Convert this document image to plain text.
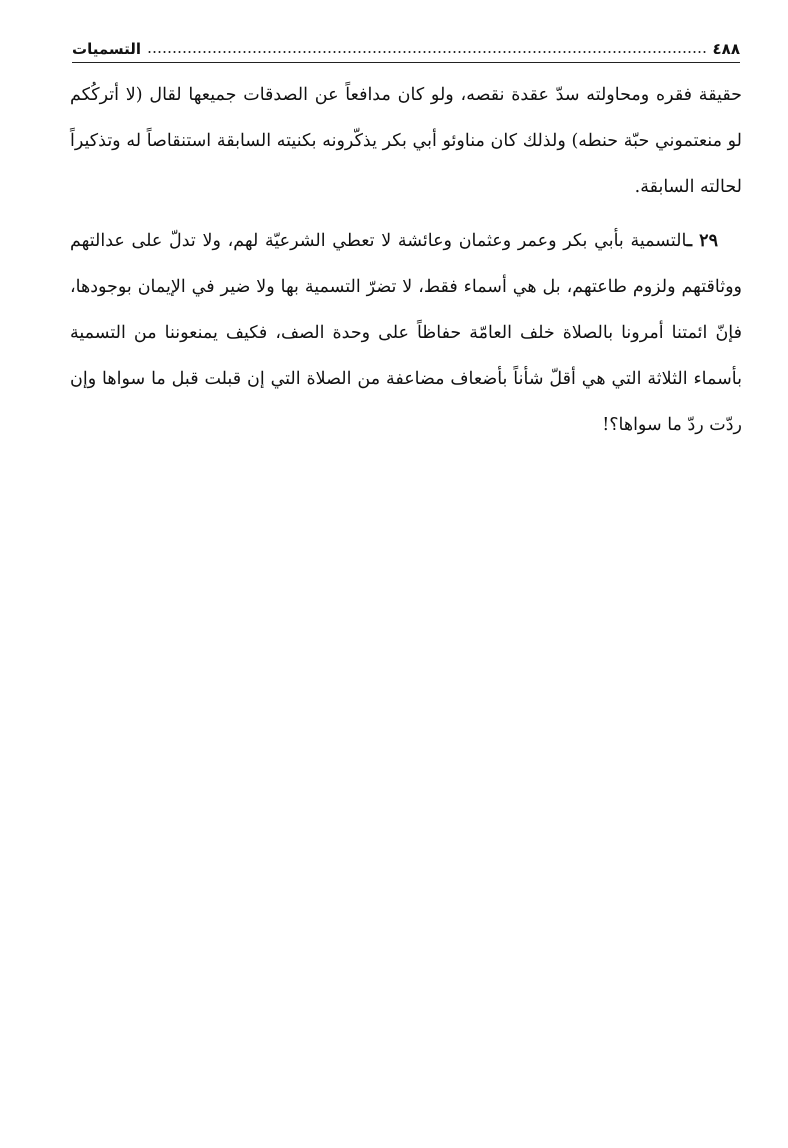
٤٨٨
التسميات

حقيقة فقره ومحاولته سدّ عقدة نقصه، ولو كان مدافعاً عن الصدقات جميعها لقال (لا أتركُكم لو منعتموني حبّة حنطه) ولذلك كان مناوئو أبي بكر يذكّرونه بكنيته السابقة استنقاصاً له وتذكيراً لحالته السابقة.

٢٩ ـالتسمية بأبي بكر وعمر وعثمان وعائشة لا تعطي الشرعيّة لهم، ولا تدلّ على عدالتهم ووثاقتهم ولزوم طاعتهم، بل هي أسماء فقط، لا تضرّ التسمية بها ولا ضير في الإيمان بوجودها، فإنّ ائمتنا أمرونا بالصلاة خلف العامّة حفاظاً على وحدة الصف، فكيف يمنعوننا من التسمية بأسماء الثلاثة التي هي أقلّ شأناً بأضعاف مضاعفة من الصلاة التي إن قبلت قبل ما سواها وإن ردّت ردّ ما سواها؟!
